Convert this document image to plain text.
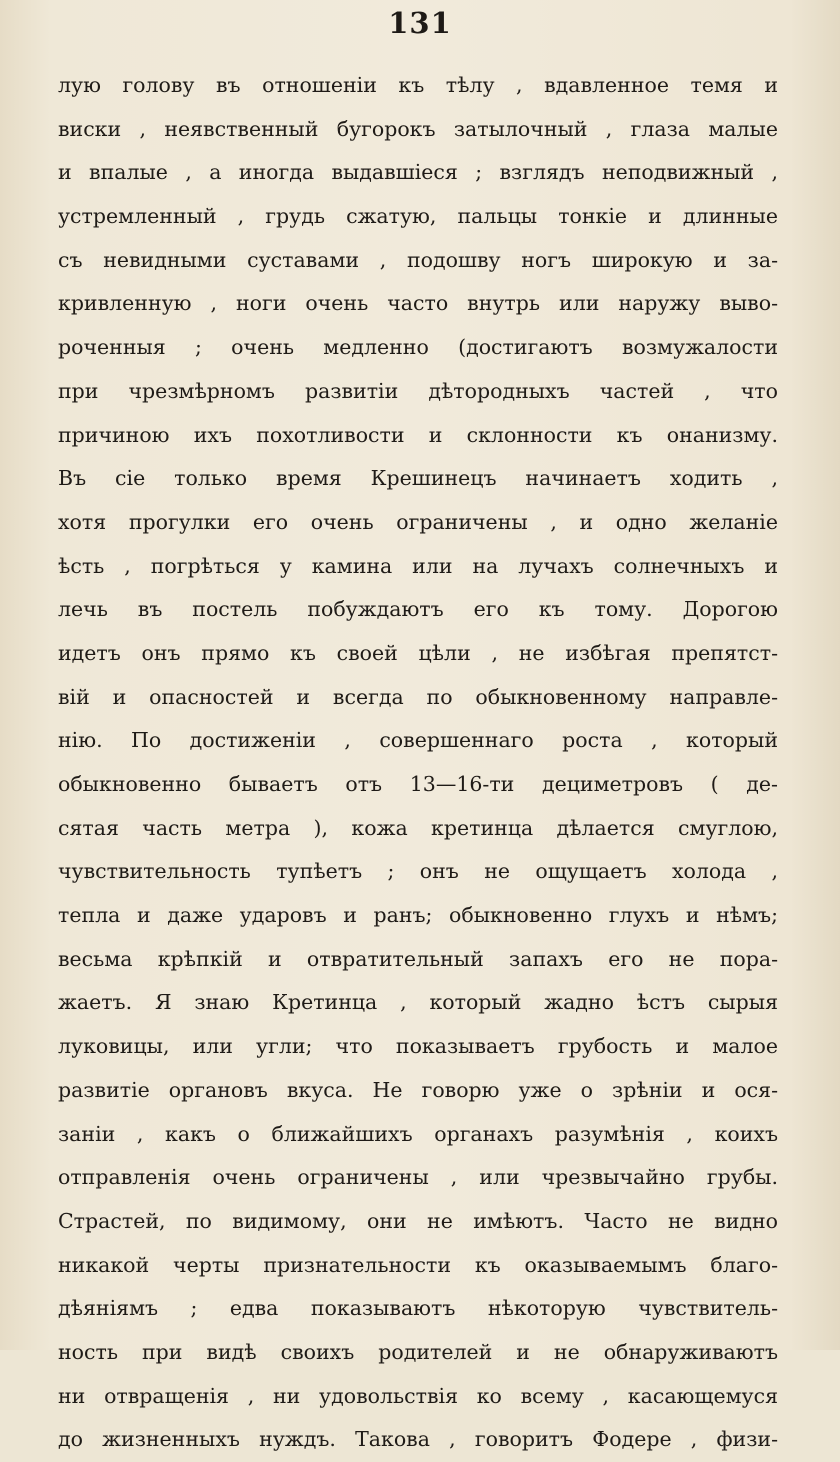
131
лую голову въ отношеніи къ тѣлу , вдавленное темя и
виски , неявственный бугорокъ затылочный , глаза малые
и впалые , а иногда выдавшіеся ; взглядъ неподвижный ,
устремленный , грудь сжатую, пальцы тонкіе и длинные
съ невидными суставами , подошву ногъ широкую и за-
кривленную , ноги очень часто внутрь или наружу выво-
роченныя ; очень медленно (достигаютъ возмужалости
при чрезмѣрномъ развитіи дѣтородныхъ частей , что
причиною ихъ похотливости и склонности къ онанизму.
Въ сіе только время Крешинецъ начинаетъ ходить ,
хотя прогулки его очень ограничены , и одно желаніе
ѣсть , погрѣться у камина или на лучахъ солнечныхъ и
лечь въ постель побуждаютъ его къ тому. Дорогою
идетъ онъ прямо къ своей цѣли , не избѣгая препятст-
вій и опасностей и всегда по обыкновенному направле-
нію. По достиженіи , совершеннаго роста , который
обыкновенно бываетъ отъ 13—16-ти дециметровъ ( де-
сятая часть метра ), кожа кретинца дѣлается смуглою,
чувствительность тупѣетъ ; онъ не ощущаетъ холода ,
тепла и даже ударовъ и ранъ; обыкновенно глухъ и нѣмъ;
весьма крѣпкій и отвратительный запахъ его не пора-
жаетъ. Я знаю Кретинца , который жадно ѣстъ сырыя
луковицы, или угли; что показываетъ грубость и малое
развитіе органовъ вкуса. Не говорю уже о зрѣніи и ося-
заніи , какъ о ближайшихъ органахъ разумѣнія , коихъ
отправленія очень ограничены , или чрезвычайно грубы.
Страстей, по видимому, они не имѣютъ. Часто не видно
никакой черты признательности къ оказываемымъ благо-
дѣяніямъ ; едва показываютъ нѣкоторую чувствитель-
ность при видѣ своихъ родителей и не обнаруживаютъ
ни отвращенія , ни удовольствія ко всему , касающемуся
до жизненныхъ нуждъ. Такова , говоритъ Фодере , физи-
